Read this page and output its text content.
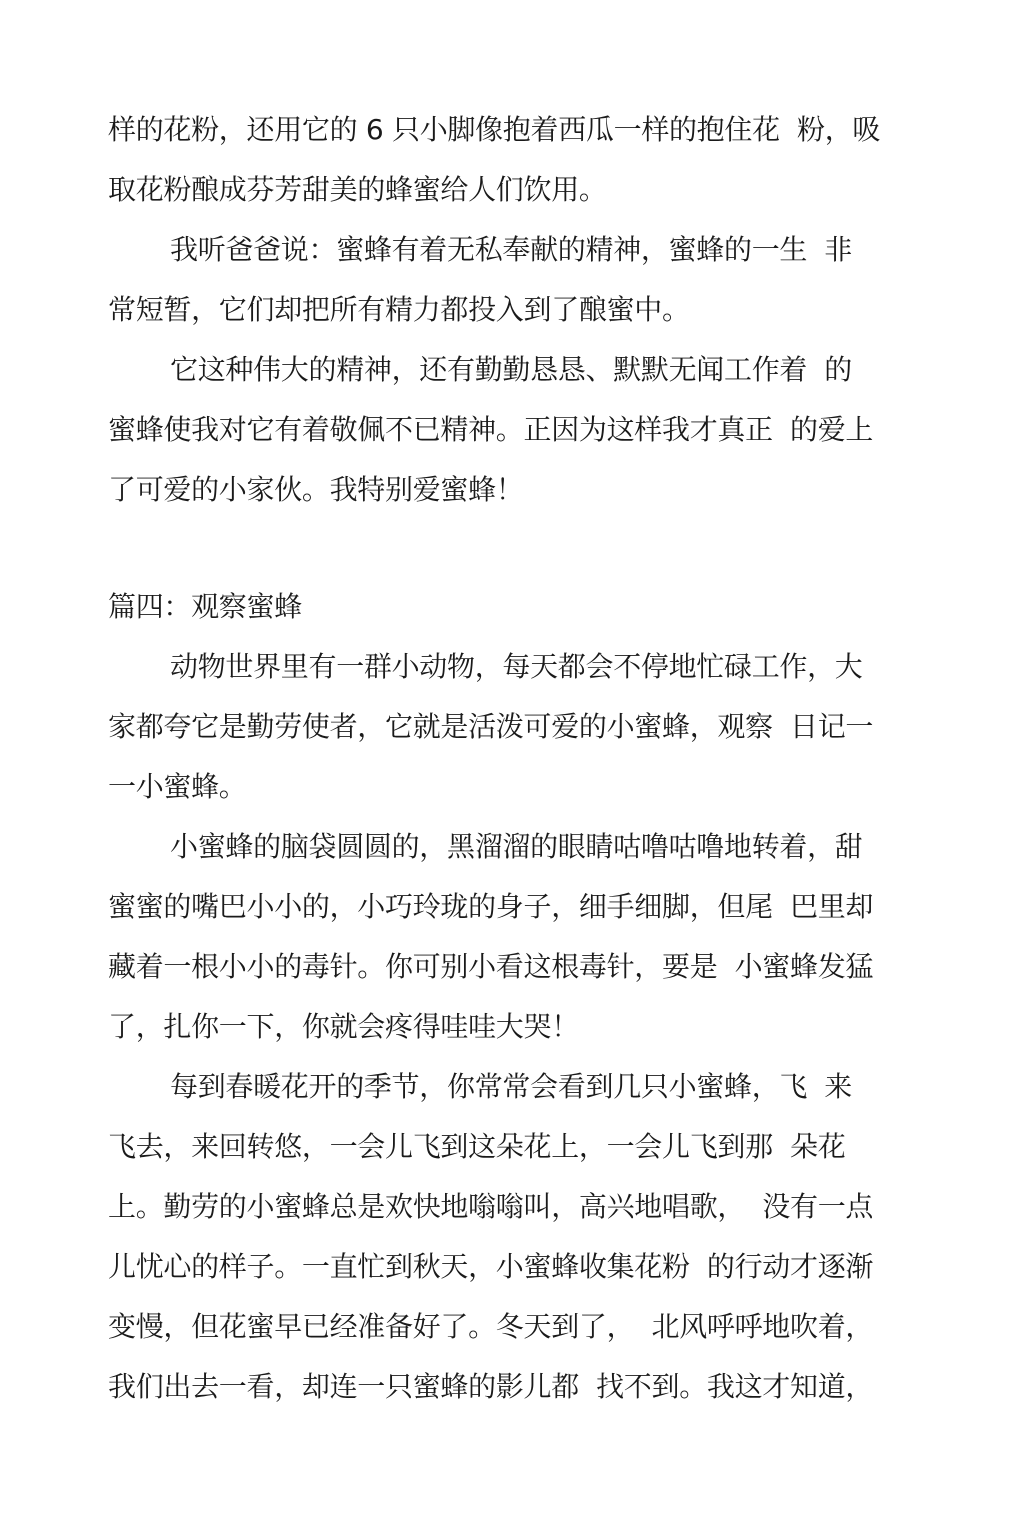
样的花粉，还用它的 6 只小脚像抱着西瓜一样的抱住花  粉，吸
取花粉酿成芬芳甜美的蜂蜜给人们饮用。
我听爸爸说：蜜蜂有着无私奉献的精神，蜜蜂的一生  非
常短暂，它们却把所有精力都投入到了酿蜜中。
它这种伟大的精神，还有勤勤恳恳、默默无闻工作着  的
蜜蜂使我对它有着敬佩不已精神。正因为这样我才真正  的爱上
了可爱的小家伙。我特别爱蜜蜂！
篇四：观察蜜蜂
动物世界里有一群小动物，每天都会不停地忙碌工作，大
家都夸它是勤劳使者，它就是活泼可爱的小蜜蜂，观察  日记一
一小蜜蜂。
小蜜蜂的脑袋圆圆的，黑溜溜的眼睛咕噜咕噜地转着，甜
蜜蜜的嘴巴小小的，小巧玲珑的身子，细手细脚，但尾  巴里却
藏着一根小小的毒针。你可别小看这根毒针，要是  小蜜蜂发猛
了，扎你一下，你就会疼得哇哇大哭！
每到春暖花开的季节，你常常会看到几只小蜜蜂，飞  来
飞去，来回转悠，一会儿飞到这朵花上，一会儿飞到那  朵花
上。勤劳的小蜜蜂总是欢快地嗡嗡叫，高兴地唱歌，  没有一点
儿忧心的样子。一直忙到秋天，小蜜蜂收集花粉  的行动才逐渐
变慢，但花蜜早已经准备好了。冬天到了，  北风呼呼地吹着，
我们出去一看，却连一只蜜蜂的影儿都  找不到。我这才知道，
